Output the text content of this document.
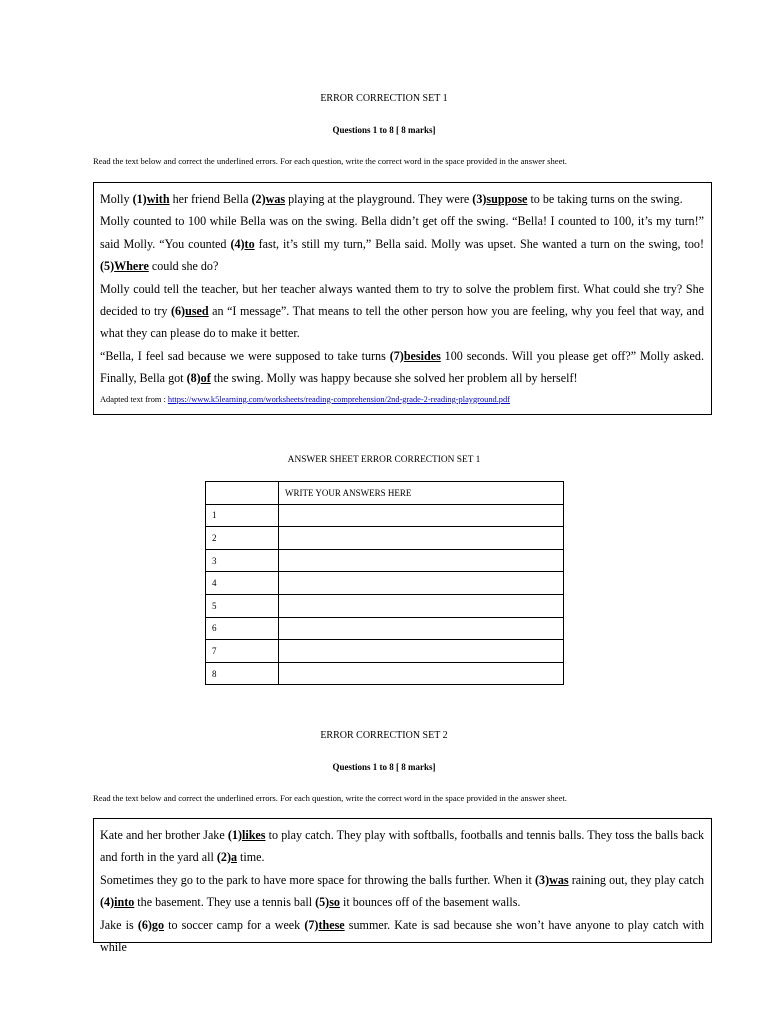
ERROR CORRECTION SET 1
Questions 1 to 8 [ 8 marks]
Read the text below and correct the underlined errors. For each question, write the correct word in the space provided in the answer sheet.

Molly (1)with her friend Bella (2)was playing at the playground. They were (3)suppose to be taking turns on the swing.

Molly counted to 100 while Bella was on the swing. Bella didn’t get off the swing. “Bella! I counted to 100, it’s my turn!” said Molly. “You counted (4)to fast, it’s still my turn,” Bella said. Molly was upset. She wanted a turn on the swing, too! (5)Where could she do?

Molly could tell the teacher, but her teacher always wanted them to try to solve the problem first. What could she try? She decided to try (6)used an “I message”. That means to tell the other person how you are feeling, why you feel that way, and what they can please do to make it better.

“Bella, I feel sad because we were supposed to take turns (7)besides 100 seconds. Will you please get off?” Molly asked. Finally, Bella got (8)of the swing. Molly was happy because she solved her problem all by herself!

Adapted text from : https://www.k5learning.com/worksheets/reading-comprehension/2nd-grade-2-reading-playground.pdf
ANSWER SHEET ERROR CORRECTION SET 1
	WRITE YOUR ANSWERS HERE
1	
2	
3	
4	
5	
6	
7	
8	
ERROR CORRECTION SET 2
Questions 1 to 8 [ 8 marks]
Read the text below and correct the underlined errors. For each question, write the correct word in the space provided in the answer sheet.

Kate and her brother Jake (1)likes to play catch. They play with softballs, footballs and tennis balls. They toss the balls back and forth in the yard all (2)a time.

Sometimes they go to the park to have more space for throwing the balls further. When it (3)was raining out, they play catch (4)into the basement. They use a tennis ball (5)so it bounces off of the basement walls.

Jake is (6)go to soccer camp for a week (7)these summer. Kate is sad because she won’t have anyone to play catch with while
